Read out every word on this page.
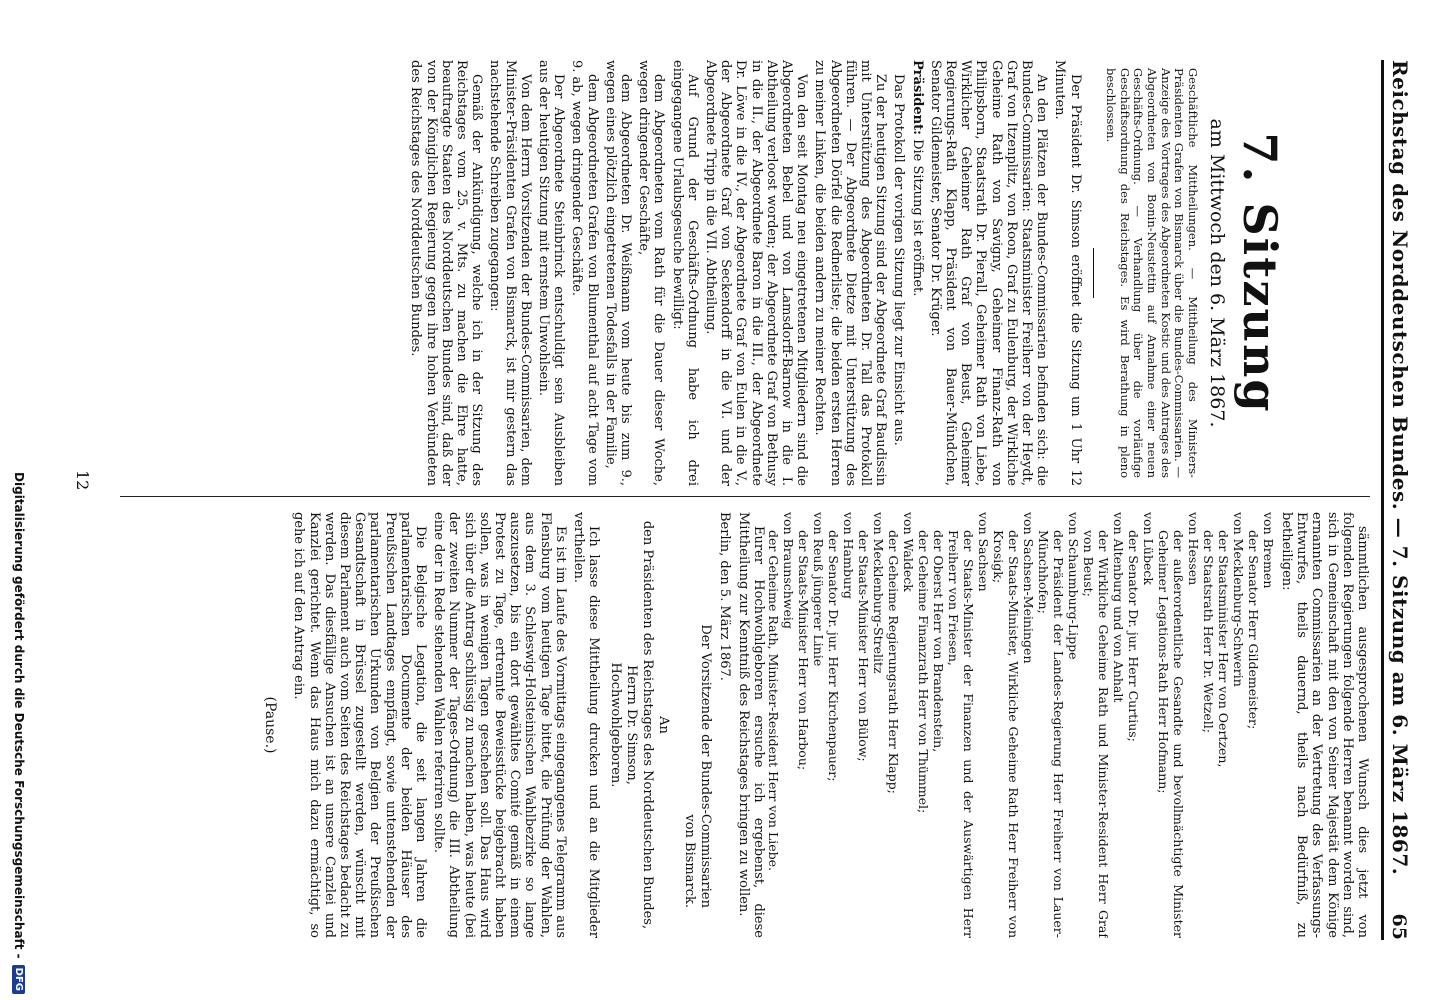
Digitalisierung gefördert durch die Deutsche Forschungsgemeinschaft -
DFG
Reichstag des Norddeutschen Bundes. — 7. Sitzung am 6. März 1867.
65
7. Sitzung
am Mittwoch den 6. März 1867.
Geschäftliche Mittheilungen. — Mittheilung des Ministers-Präsidenten Grafen von Bismarck über die Bundes-Commissarien. — Anzeige des Vortrages des Abgeordneten Kostic und des Antrages des Abgeordneten von Bonin-Neustettin auf Annahme einer neuen Geschäfts-Ordnung. — Verhandlung über die vorläufige Geschäftsordnung des Reichstages. Es wird Berathung in pleno beschlossen.

Der Präsident Dr. Simson eröffnet die Sitzung um 1 Uhr 12 Minuten.

An den Plätzen der Bundes-Commissarien befinden sich: die Bundes-Commissarien: Staatsminister Freiherr von der Heydt, Graf von Itzenplitz, von Roon, Graf zu Eulenburg, der Wirkliche Geheime Rath von Savigny, Geheimer Finanz-Rath von Philipsborn, Staatsrath Dr. Pierall, Geheimer Rath von Liebe, Wirklicher Geheimer Rath Graf von Beust, Geheimer Regierungs-Rath Klapp, Präsident von Bauer-Mündchen, Senator Gildemeister, Senator Dr. Krüger.

Präsident: Die Sitzung ist eröffnet.

Das Protokoll der vorigen Sitzung liegt zur Einsicht aus.

Zu der heutigen Sitzung sind der Abgeordnete Graf Baudissin mit Unterstützung des Abgeordneten Dr. Tall das Protokoll führen. — Der Abgeordnete Dietze mit Unterstützung des Abgeordneten Dörfel die Rednerliste; die beiden ersten Herren zu meiner Linken, die beiden andern zu meiner Rechten.

Von den seit Montag neu eingetretenen Mitgliedern sind die Abgeordneten Bebel und von Lamsdorff-Barnow in die I. Abtheilung verloost worden; der Abgeordnete Graf von Bethusy in die II., der Abgeordnete Baron in die III., der Abgeordnete Dr. Löwe in die IV., der Abgeordnete Graf von Eulen in die V., der Abgeordnete Graf von Seckendorff in die VI. und der Abgeordnete Tripp in die VII. Abtheilung.

Auf Grund der Geschäfts-Ordnung habe ich drei eingegangene Urlaubsgesuche bewilligt:

dem Abgeordneten vom Rath für die Dauer dieser Woche, wegen dringender Geschäfte,

dem Abgeordneten Dr. Weißmann vom heute bis zum 9., wegen eines plötzlich eingetretenen Todesfalls in der Familie,

dem Abgeordneten Grafen von Blumenthal auf acht Tage vom 9. ab, wegen dringender Geschäfte.

Der Abgeordnete Steinbrinck entschuldigt sein Ausbleiben aus der heutigen Sitzung mit ernstem Unwohlsein.

Von dem Herrn Vorsitzenden der Bundes-Commissarien, dem Minister-Präsidenten Grafen von Bismarck, ist mir gestern das nachstehende Schreiben zugegangen:

Gemäß der Ankündigung, welche ich in der Sitzung des Reichstages vom 25. v. Mts. zu machen die Ehre hatte, beauftragte Staaten des Norddeutschen Bundes sind, daß der von der Königlichen Regierung gegen ihre hohen Verbündeten des Reichstages des Norddeutschen Bundes.

sämmtlichen ausgesprochenen Wunsch dies jetzt von folgenden Regierungen folgende Herren benannt worden sind, sich in Gemeinschaft mit den von Seiner Majestät dem Könige ernannten Commissarien an der Vertretung des Verfassungs-Entwurfes, theils dauernd, theils nach Bedürfniß, zu betheiligen:

von Bremen
der Senator Herr Gildemeister;
von Mecklenburg-Schwerin
der Staatsminister Herr von Oertzen,
der Staatsrath Herr Dr. Wetzell;
von Hessen
der außerordentliche Gesandte und bevollmächtigte Minister Geheimer Legations-Rath Herr Hofmann;
von Lübeck
der Senator Dr. jur. Herr Curtius;
von Altenburg und von Anhalt
der Wirkliche Geheime Rath und Minister-Resident Herr Graf von Beust;
von Schaumburg-Lippe
der Präsident der Landes-Regierung Herr Freiherr von Lauer-Münchhofen;
von Sachsen-Meiningen
der Staats-Minister, Wirkliche Geheime Rath Herr Freiherr von Krosigk;
von Sachsen
der Staats-Minister der Finanzen und der Auswärtigen Herr Freiherr von Friesen,
der Oberst Herr von Brandenstein,
der Geheime Finanzrath Herr von Thümmel;
von Waldeck
der Geheime Regierungsrath Herr Klapp;
von Mecklenburg-Strelitz
der Staats-Minister Herr von Bülow;
von Hamburg
der Senator Dr. jur. Herr Kirchenpauer;
von Reuß jüngerer Linie
der Staats-Minister Herr von Harbou;
von Braunschweig
der Geheime Rath, Minister-Resident Herr von Liebe.

Eurer Hochwohlgeboren ersuche ich ergebenst, diese Mittheilung zur Kenntniß des Reichstages bringen zu wollen.

Berlin, den 5. März 1867.

Der Vorsitzende der Bundes-Commissarien
von Bismarck.
An
den Präsidenten des Reichstages des Norddeutschen Bundes,
Herrn Dr. Simson,
Hochwohlgeboren.

Ich lasse diese Mittheilung drucken und an die Mitglieder vertheilen.

Es ist im Laufe des Vormittags eingegangenes Telegramm aus Flensburg vom heutigen Tage bittet, die Prüfung der Wahlen, aus dem 3. Schleswig-Holsteinischen Wahlbezirke so lange auszusetzen, bis ein dort gewähltes Comité gemäß in einem Protest zu Tage, ertrennte Beweisstücke beigebracht haben sollen, was in wenigen Tagen geschehen soll. Das Haus wird sich über die Antrag schlüssig zu machen haben, was heute (bei der zweiten Nummer der Tages-Ordnung) die III. Abtheilung eine der in Rede stehenden Wahlen referiren sollte.

Die Belgische Legation, die seit langen Jahren die parlamentarischen Documente der beiden Häuser des Preußischen Landtages empfängt, sowie untenstehenden der parlamentarischen Urkunden von Belgien der Preußischen Gesandtschaft in Brüssel zugestellt werden, wünscht mit diesem Parlament auch vom Seiten des Reichstages bedacht zu werden. Das diesfällige Ansuchen ist an unsere Canzlei und Kanzlei gerichtet. Wenn das Haus mich dazu ermächtigt, so gehe ich auf den Antrag ein.

(Pause.)
12
